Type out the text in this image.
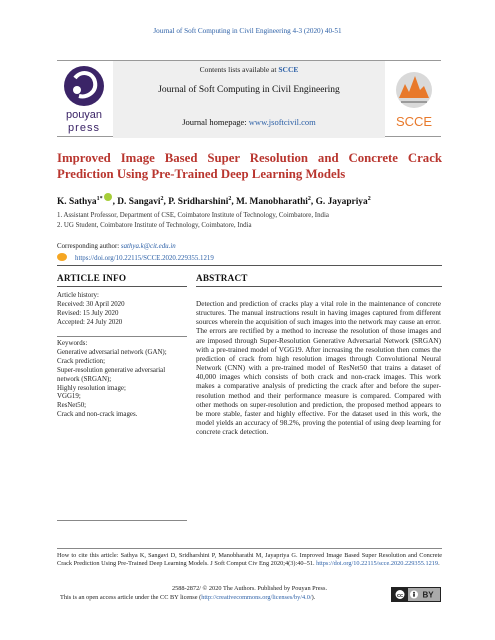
Journal of Soft Computing in Civil Engineering 4-3 (2020) 40-51
pouyan
press
Contents lists available at SCCE
Journal of Soft Computing in Civil Engineering
Journal homepage: www.jsoftcivil.com	SCCE
Improved Image Based Super Resolution and Concrete Crack Prediction Using Pre-Trained Deep Learning Models
K. Sathya$^{1*}$ , D. Sangavi$^2$, P. Sridharshini$^2$, M. Manobharathi$^2$, G. Jayapriya$^2$
1. Assistant Professor, Department of CSE, Coimbatore Institute of Technology, Coimbatore, India
2. UG Student, Coimbatore Institute of Technology, Coimbatore, India
Corresponding author: sathya.k@cit.edu.in
https://doi.org/10.22115/SCCE.2020.229355.1219
ARTICLE INFO	ABSTRACT
Article history:
Received: 30 April 2020
Revised: 15 July 2020
Accepted: 24 July 2020
Keywords:
Generative adversarial network (GAN);
Crack prediction;
Super-resolution generative adversarial network (SRGAN);
Highly resolution image;
VGG19;
ResNet50;
Crack and non-crack images.
Detection and prediction of cracks play a vital role in the maintenance of concrete structures. The manual instructions result in having images captured from different sources wherein the acquisition of such images into the network may cause an error. The errors are rectified by a method to increase the resolution of those images and are imposed through Super-Resolution Generative Adversarial Network (SRGAN) with a pre-trained model of VGG19. After increasing the resolution then comes the prediction of crack from high resolution images through Convolutional Neural Network (CNN) with a pre-trained model of ResNet50 that trains a dataset of 40,000 images which consists of both crack and non-crack images. This work makes a comparative analysis of predicting the crack after and before the super-resolution method and their performance measure is compared. Compared with other methods on super-resolution and prediction, the proposed method appears to be more stable, faster and highly effective. For the dataset used in this work, the model yields an accuracy of 98.2%, proving the potential of using deep learning for concrete crack detection.
How to cite this article: Sathya K, Sangavi D, Sridharshini P, Manobharathi M, Jayapriya G. Improved Image Based Super Resolution and Concrete Crack Prediction Using Pre-Trained Deep Learning Models. J Soft Comput Civ Eng 2020;4(3):40–51. https://doi.org/10.22115/scce.2020.229355.1219.
2588-2872/ © 2020 The Authors. Published by Pouyan Press.
This is an open access article under the CC BY license (http://creativecommons.org/licenses/by/4.0/).	cc BY
